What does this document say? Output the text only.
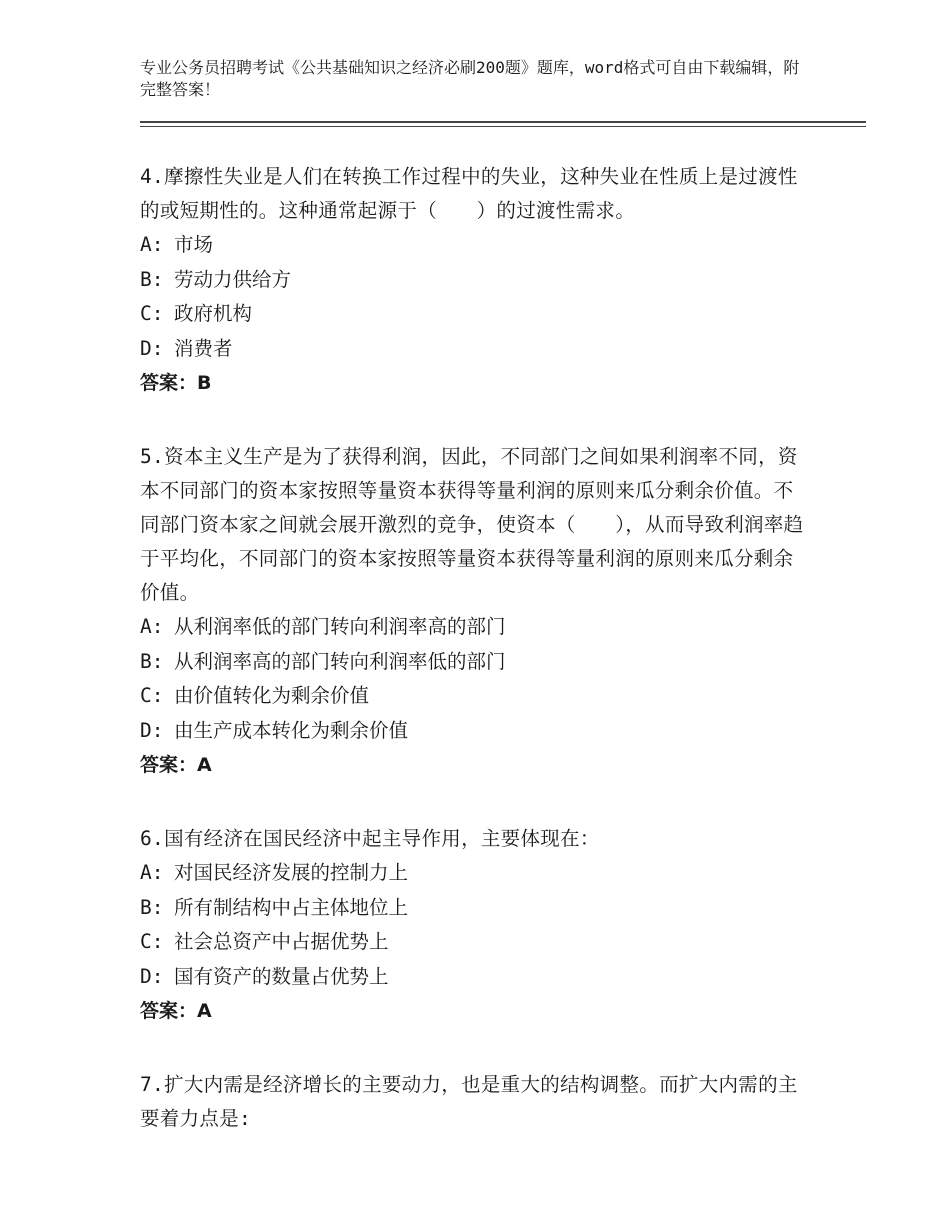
专业公务员招聘考试《公共基础知识之经济必刷200题》题库，word格式可自由下载编辑，附完整答案！
4.摩擦性失业是人们在转换工作过程中的失业，这种失业在性质上是过渡性的或短期性的。这种通常起源于（　　）的过渡性需求。
A: 市场
B: 劳动力供给方
C: 政府机构
D: 消费者
答案：B
5.资本主义生产是为了获得利润，因此，不同部门之间如果利润率不同，资本不同部门的资本家按照等量资本获得等量利润的原则来瓜分剩余价值。不同部门资本家之间就会展开激烈的竞争，使资本（　　），从而导致利润率趋于平均化，不同部门的资本家按照等量资本获得等量利润的原则来瓜分剩余价值。
A: 从利润率低的部门转向利润率高的部门
B: 从利润率高的部门转向利润率低的部门
C: 由价值转化为剩余价值
D: 由生产成本转化为剩余价值
答案：A
6.国有经济在国民经济中起主导作用，主要体现在：
A: 对国民经济发展的控制力上
B: 所有制结构中占主体地位上
C: 社会总资产中占据优势上
D: 国有资产的数量占优势上
答案：A
7.扩大内需是经济增长的主要动力，也是重大的结构调整。而扩大内需的主要着力点是:
